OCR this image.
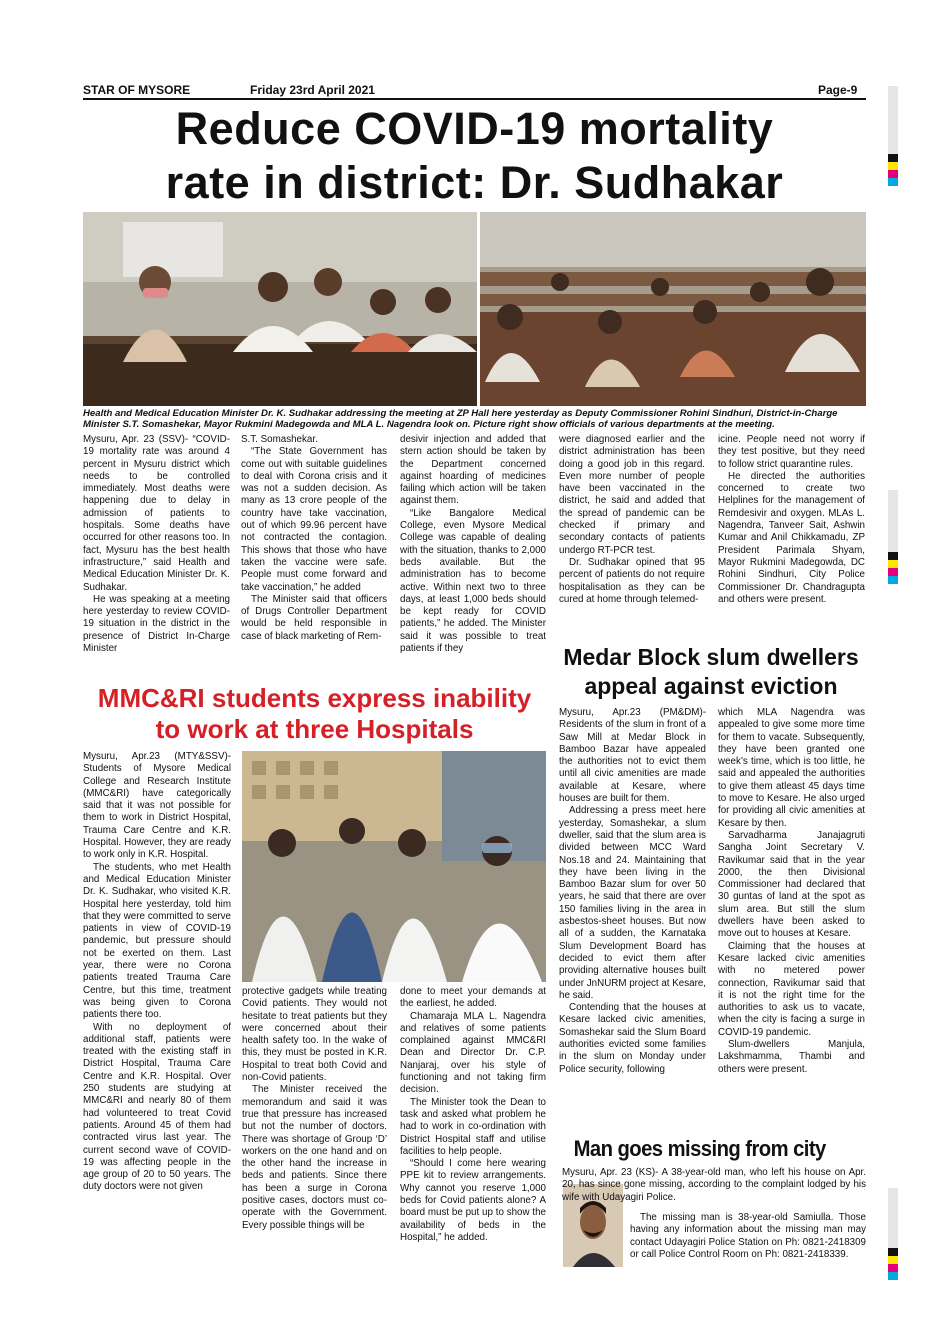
STAR OF MYSORE	Friday 23rd April 2021	Page-9
Reduce COVID-19 mortality
rate in district: Dr. Sudhakar
Health and Medical Education Minister Dr. K. Sudhakar addressing the meeting at ZP Hall here yesterday as Deputy Commissioner Rohini Sindhuri, District-in-Charge Minister S.T. Somashekar, Mayor Rukmini Madegowda and MLA L. Nagendra look on. Picture right show officials of various departments at the meeting.

Mysuru, Apr. 23 (SSV)- “COVID-19 mortality rate was around 4 percent in Mysuru district which needs to be controlled immediately. Most deaths were happening due to delay in admission of patients to hospitals. Some deaths have occurred for other reasons too. In fact, Mysuru has the best health infrastructure,” said Health and Medical Education Minister Dr. K. Sudhakar.

He was speaking at a meeting here yesterday to review COVID-19 situation in the district in the presence of District In-Charge Minister

S.T. Somashekar.

“The State Government has come out with suitable guidelines to deal with Corona crisis and it was not a sudden decision. As many as 13 crore people of the country have take vaccination, out of which 99.96 percent have not contracted the contagion. This shows that those who have taken the vaccine were safe. People must come forward and take vaccination,” he added

The Minister said that officers of Drugs Controller Department would be held responsible in case of black marketing of Rem-

desivir injection and added that stern action should be taken by the Department concerned against hoarding of medicines failing which action will be taken against them.

“Like Bangalore Medical College, even Mysore Medical College was capable of dealing with the situation, thanks to 2,000 beds available. But the administration has to become active. Within next two to three days, at least 1,000 beds should be kept ready for COVID patients,” he added. The Minister said it was possible to treat patients if they

were diagnosed earlier and the district administration has been doing a good job in this regard. Even more number of people have been vaccinated in the district, he said and added that the spread of pandemic can be checked if primary and secondary contacts of patients undergo RT-PCR test.

Dr. Sudhakar opined that 95 percent of patients do not require hospitalisation as they can be cured at home through telemed-

icine. People need not worry if they test positive, but they need to follow strict quarantine rules.

He directed the authorities concerned to create two Helplines for the management of Remdesivir and oxygen. MLAs L. Nagendra, Tanveer Sait, Ashwin Kumar and Anil Chikkamadu, ZP President Parimala Shyam, Mayor Rukmini Madegowda, DC Rohini Sindhuri, City Police Commissioner Dr. Chandragupta and others were present.

MMC&RI students express inability
to work at three Hospitals

Mysuru, Apr.23 (MTY&SSV)- Students of Mysore Medical College and Research Institute (MMC&RI) have categorically said that it was not possible for them to work in District Hospital, Trauma Care Centre and K.R. Hospital. However, they are ready to work only in K.R. Hospital.

The students, who met Health and Medical Education Minister Dr. K. Sudhakar, who visited K.R. Hospital here yesterday, told him that they were committed to serve patients in view of COVID-19 pandemic, but pressure should not be exerted on them. Last year, there were no Corona patients treated Trauma Care Centre, but this time, treatment was being given to Corona patients there too.

With no deployment of additional staff, patients were treated with the existing staff in District Hospital, Trauma Care Centre and K.R. Hospital. Over 250 students are studying at MMC&RI and nearly 80 of them had volunteered to treat Covid patients. Around 45 of them had contracted virus last year. The current second wave of COVID-19 was affecting people in the age group of 20 to 50 years. The duty doctors were not given

protective gadgets while treating Covid patients. They would not hesitate to treat patients but they were concerned about their health safety too. In the wake of this, they must be posted in K.R. Hospital to treat both Covid and non-Covid patients.

The Minister received the memorandum and said it was true that pressure has increased but not the number of doctors. There was shortage of Group ‘D’ workers on the one hand and on the other hand the increase in beds and patients. Since there has been a surge in Corona positive cases, doctors must co-operate with the Government. Every possible things will be

done to meet your demands at the earliest, he added.

Chamaraja MLA L. Nagendra and relatives of some patients complained against MMC&RI Dean and Director Dr. C.P. Nanjaraj, over his style of functioning and not taking firm decision.

The Minister took the Dean to task and asked what problem he had to work in co-ordination with District Hospital staff and utilise facilities to help people.

“Should I come here wearing PPE kit to review arrangements. Why cannot you reserve 1,000 beds for Covid patients alone? A board must be put up to show the availability of beds in the Hospital,” he added.

Medar Block slum dwellers
appeal against eviction

Mysuru, Apr.23 (PM&DM)- Residents of the slum in front of a Saw Mill at Medar Block in Bamboo Bazar have appealed the authorities not to evict them until all civic amenities are made available at Kesare, where houses are built for them.

Addressing a press meet here yesterday, Somashekar, a slum dweller, said that the slum area is divided between MCC Ward Nos.18 and 24. Maintaining that they have been living in the Bamboo Bazar slum for over 50 years, he said that there are over 150 families living in the area in asbestos-sheet houses. But now all of a sudden, the Karnataka Slum Development Board has decided to evict them after providing alternative houses built under JnNURM project at Kesare, he said.

Contending that the houses at Kesare lacked civic amenities, Somashekar said the Slum Board authorities evicted some families in the slum on Monday under Police security, following

which MLA Nagendra was appealed to give some more time for them to vacate. Subsequently, they have been granted one week’s time, which is too little, he said and appealed the authorities to give them atleast 45 days time to move to Kesare. He also urged for providing all civic amenities at Kesare by then.

Sarvadharma Janajagruti Sangha Joint Secretary V. Ravikumar said that in the year 2000, the then Divisional Commissioner had declared that 30 guntas of land at the spot as slum area. But still the slum dwellers have been asked to move out to houses at Kesare.

Claiming that the houses at Kesare lacked civic amenities with no metered power connection, Ravikumar said that it is not the right time for the authorities to ask us to vacate, when the city is facing a surge in COVID-19 pandemic.

Slum-dwellers Manjula, Lakshmamma, Thambi and others were present.

Man goes missing from city

Mysuru, Apr. 23 (KS)- A 38-year-old man, who left his house on Apr. 20, has since gone missing, according to the complaint lodged by his wife with Udayagiri Police.

The missing man is 38-year-old Samiulla. Those having any information about the missing man may contact Udayagiri Police Station on Ph: 0821-2418309 or call Police Control Room on Ph: 0821-2418339.
